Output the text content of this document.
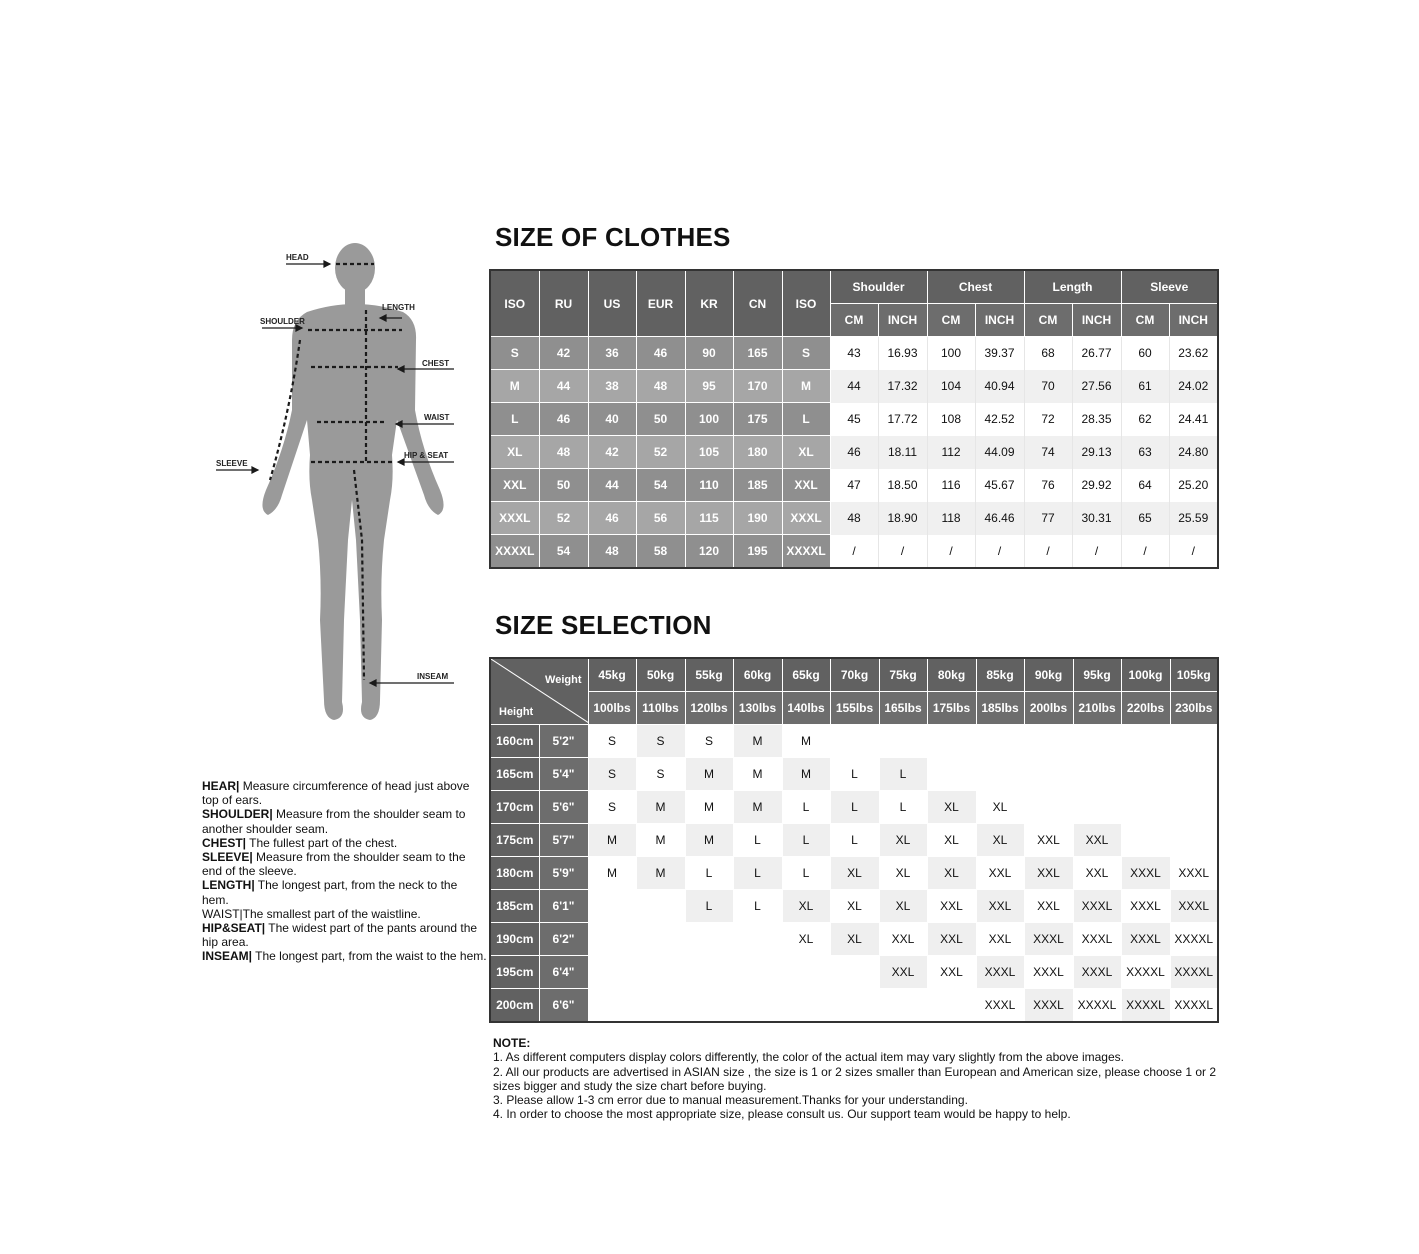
HEAD
LENGTH
SHOULDER
CHEST
WAIST
SLEEVE
HIP & SEAT
INSEAM
HEAR| Measure circumference of head just above top of ears.
SHOULDER| Measure from the shoulder seam to another shoulder seam.
CHEST| The fullest part of the chest.
SLEEVE| Measure from the shoulder seam to the end of the sleeve.
LENGTH| The longest part, from the neck to the hem.
WAIST|The smallest part of the waistline.
HIP&SEAT| The widest part of the pants around the hip area.
INSEAM| The longest part, from the waist to the hem.
SIZE OF CLOTHES
SIZE SELECTION
ISO	RU	US	EUR	KR	CN	ISO	Shoulder		Chest		Length		Sleeve	
							CM	INCH	CM	INCH	CM	INCH	CM	INCH
S	42	36	46	90	165	S	43	16.93	100	39.37	68	26.77	60	23.62
M	44	38	48	95	170	M	44	17.32	104	40.94	70	27.56	61	24.02
L	46	40	50	100	175	L	45	17.72	108	42.52	72	28.35	62	24.41
XL	48	42	52	105	180	XL	46	18.11	112	44.09	74	29.13	63	24.80
XXL	50	44	54	110	185	XXL	47	18.50	116	45.67	76	29.92	64	25.20
XXXL	52	46	56	115	190	XXXL	48	18.90	118	46.46	77	30.31	65	25.59
XXXXL	54	48	58	120	195	XXXXL	/	/	/	/	/	/	/	/
Weight
Height		45kg	50kg	55kg	60kg	65kg	70kg	75kg	80kg	85kg	90kg	95kg	100kg	105kg
		100lbs	110lbs	120lbs	130lbs	140lbs	155lbs	165lbs	175lbs	185lbs	200lbs	210lbs	220lbs	230lbs
160cm	5'2"	S	S	S	M	M								
165cm	5'4"	S	S	M	M	M	L	L						
170cm	5'6"	S	M	M	M	L	L	L	XL	XL				
175cm	5'7"	M	M	M	L	L	L	XL	XL	XL	XXL	XXL		
180cm	5'9"	M	M	L	L	L	XL	XL	XL	XXL	XXL	XXL	XXXL	XXXL
185cm	6'1"			L	L	XL	XL	XL	XXL	XXL	XXL	XXXL	XXXL	XXXL
190cm	6'2"					XL	XL	XXL	XXL	XXL	XXXL	XXXL	XXXL	XXXXL
195cm	6'4"							XXL	XXL	XXXL	XXXL	XXXL	XXXXL	XXXXL
200cm	6'6"									XXXL	XXXL	XXXXL	XXXXL	XXXXL
NOTE:
1. As different computers display colors differently, the color of the actual item may vary slightly from the above images.
2. All our products are advertised in ASIAN size , the size is 1 or 2 sizes smaller than European and American size, please choose 1 or 2 sizes bigger and study the size chart before buying.
3. Please allow 1-3 cm error due to manual measurement.Thanks for your understanding.
4. In order to choose the most appropriate size, please consult us. Our support team would be happy to help.
